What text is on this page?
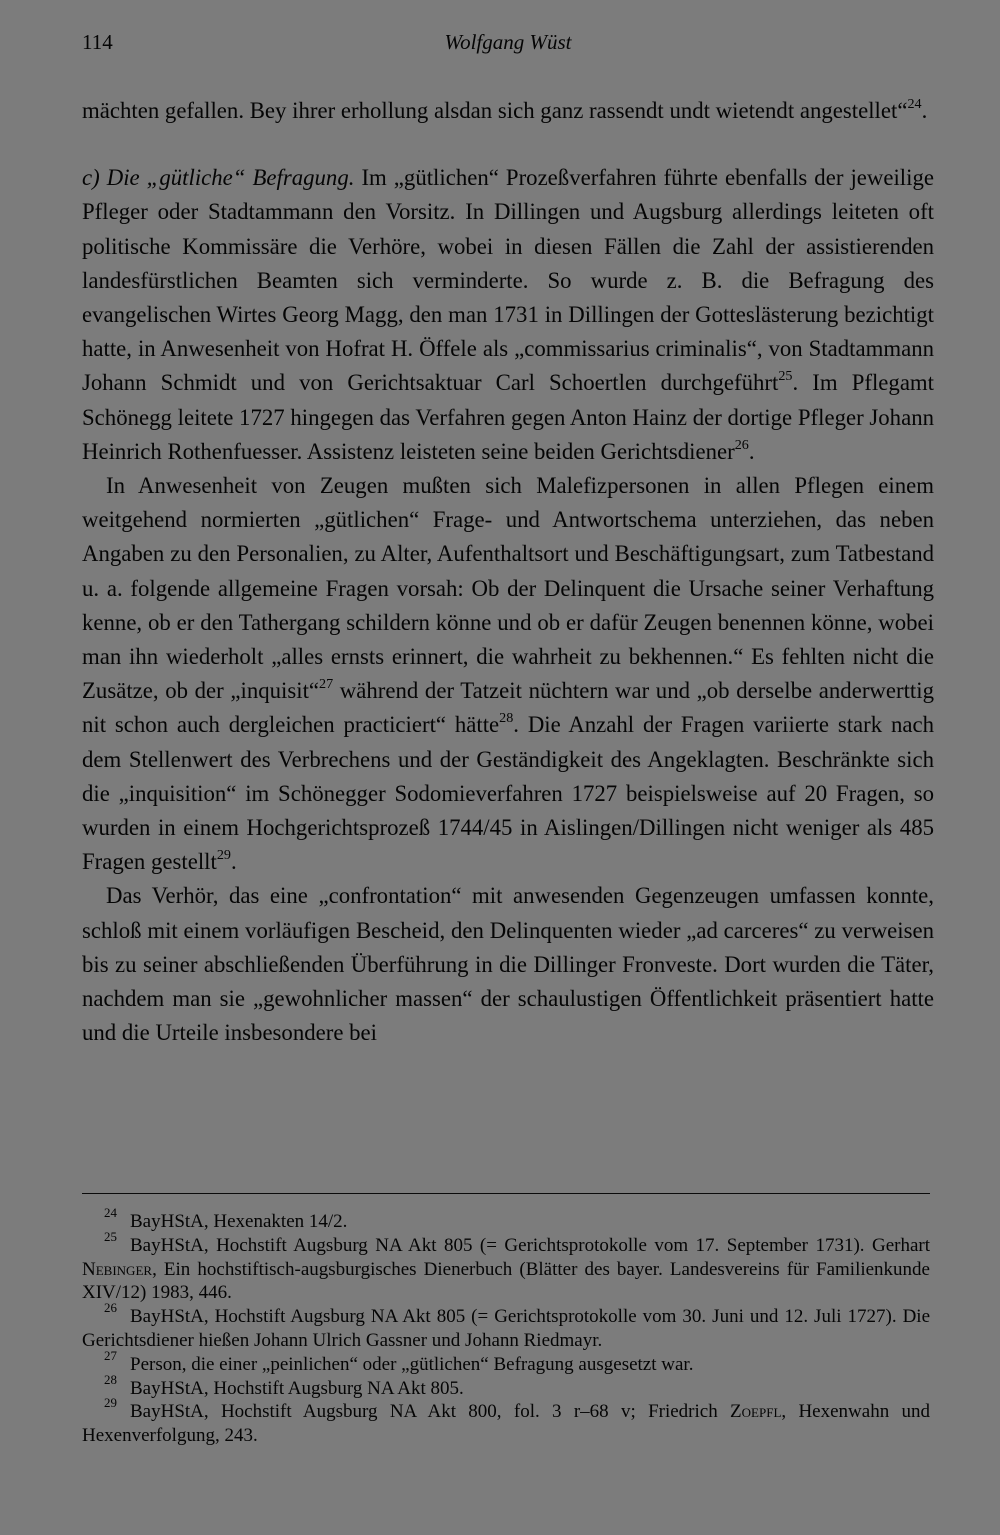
114	Wolfgang Wüst

mächten gefallen. Bey ihrer erhollung alsdan sich ganz rassendt undt wietendt angestellet“$^{24}$.

c) Die „gütliche“ Befragung. Im „gütlichen“ Prozeßverfahren führte ebenfalls der jeweilige Pfleger oder Stadtammann den Vorsitz. In Dillingen und Augsburg allerdings leiteten oft politische Kommissäre die Verhöre, wobei in diesen Fällen die Zahl der assistierenden landesfürstlichen Beamten sich verminderte. So wurde z. B. die Befragung des evangelischen Wirtes Georg Magg, den man 1731 in Dillingen der Gotteslästerung bezichtigt hatte, in Anwesenheit von Hofrat H. Öffele als „commissarius criminalis“, von Stadtammann Johann Schmidt und von Gerichtsaktuar Carl Schoertlen durchgeführt$^{25}$. Im Pflegamt Schönegg leitete 1727 hingegen das Verfahren gegen Anton Hainz der dortige Pfleger Johann Heinrich Rothenfuesser. Assistenz leisteten seine beiden Gerichtsdiener$^{26}$.

In Anwesenheit von Zeugen mußten sich Malefizpersonen in allen Pflegen einem weitgehend normierten „gütlichen“ Frage- und Antwortschema unterziehen, das neben Angaben zu den Personalien, zu Alter, Aufenthaltsort und Beschäftigungsart, zum Tatbestand u. a. folgende allgemeine Fragen vorsah: Ob der Delinquent die Ursache seiner Verhaftung kenne, ob er den Tathergang schildern könne und ob er dafür Zeugen benennen könne, wobei man ihn wiederholt „alles ernsts erinnert, die wahrheit zu bekhennen.“ Es fehlten nicht die Zusätze, ob der „inquisit“$^{27}$ während der Tatzeit nüchtern war und „ob derselbe anderwerttig nit schon auch dergleichen practiciert“ hätte$^{28}$. Die Anzahl der Fragen variierte stark nach dem Stellenwert des Verbrechens und der Geständigkeit des Angeklagten. Beschränkte sich die „inquisition“ im Schönegger Sodomieverfahren 1727 beispielsweise auf 20 Fragen, so wurden in einem Hochgerichtsprozeß 1744/45 in Aislingen/Dillingen nicht weniger als 485 Fragen gestellt$^{29}$.

Das Verhör, das eine „confrontation“ mit anwesenden Gegenzeugen umfassen konnte, schloß mit einem vorläufigen Bescheid, den Delinquenten wieder „ad carceres“ zu verweisen bis zu seiner abschließenden Überführung in die Dillinger Fronveste. Dort wurden die Täter, nachdem man sie „gewohnlicher massen“ der schaulustigen Öffentlichkeit präsentiert hatte und die Urteile insbesondere bei

$^{24}$ BayHStA, Hexenakten 14/2.

$^{25}$ BayHStA, Hochstift Augsburg NA Akt 805 (= Gerichtsprotokolle vom 17. September 1731). Gerhart Nebinger, Ein hochstiftisch-augsburgisches Dienerbuch (Blätter des bayer. Landesvereins für Familienkunde XIV/12) 1983, 446.

$^{26}$ BayHStA, Hochstift Augsburg NA Akt 805 (= Gerichtsprotokolle vom 30. Juni und 12. Juli 1727). Die Gerichtsdiener hießen Johann Ulrich Gassner und Johann Riedmayr.

$^{27}$ Person, die einer „peinlichen“ oder „gütlichen“ Befragung ausgesetzt war.

$^{28}$ BayHStA, Hochstift Augsburg NA Akt 805.

$^{29}$ BayHStA, Hochstift Augsburg NA Akt 800, fol. 3 r–68 v; Friedrich Zoepfl, Hexenwahn und Hexenverfolgung, 243.
